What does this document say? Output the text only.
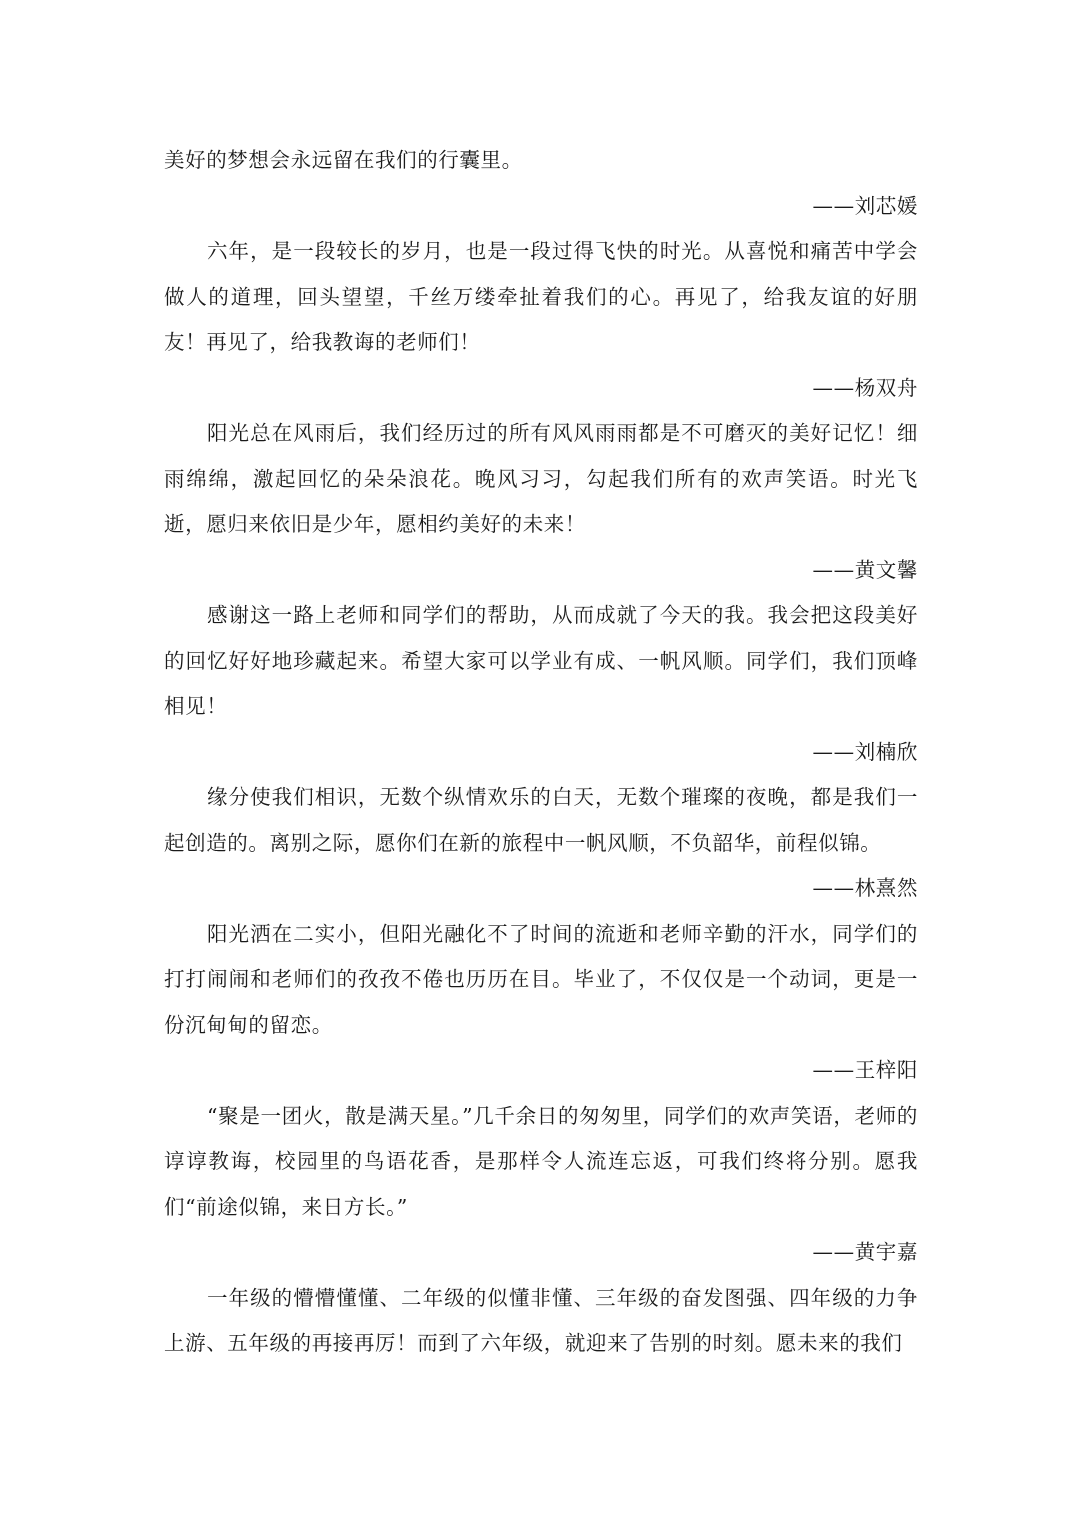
美好的梦想会永远留在我们的行囊里。

——刘芯媛

六年，是一段较长的岁月，也是一段过得飞快的时光。从喜悦和痛苦中学会做人的道理，回头望望，千丝万缕牵扯着我们的心。再见了，给我友谊的好朋友！再见了，给我教诲的老师们！

——杨双舟

阳光总在风雨后，我们经历过的所有风风雨雨都是不可磨灭的美好记忆！细雨绵绵，激起回忆的朵朵浪花。晚风习习，勾起我们所有的欢声笑语。时光飞逝，愿归来依旧是少年，愿相约美好的未来！

——黄文馨

感谢这一路上老师和同学们的帮助，从而成就了今天的我。我会把这段美好的回忆好好地珍藏起来。希望大家可以学业有成、一帆风顺。同学们，我们顶峰相见！

——刘楠欣

缘分使我们相识，无数个纵情欢乐的白天，无数个璀璨的夜晚，都是我们一起创造的。离别之际，愿你们在新的旅程中一帆风顺，不负韶华，前程似锦。

——林熹然

阳光洒在二实小，但阳光融化不了时间的流逝和老师辛勤的汗水，同学们的打打闹闹和老师们的孜孜不倦也历历在目。毕业了，不仅仅是一个动词，更是一份沉甸甸的留恋。

——王梓阳

“聚是一团火，散是满天星。”几千余日的匆匆里，同学们的欢声笑语，老师的谆谆教诲，校园里的鸟语花香，是那样令人流连忘返，可我们终将分别。愿我们“前途似锦，来日方长。”

——黄宇嘉

一年级的懵懵懂懂、二年级的似懂非懂、三年级的奋发图强、四年级的力争上游、五年级的再接再厉！而到了六年级，就迎来了告别的时刻。愿未来的我们
